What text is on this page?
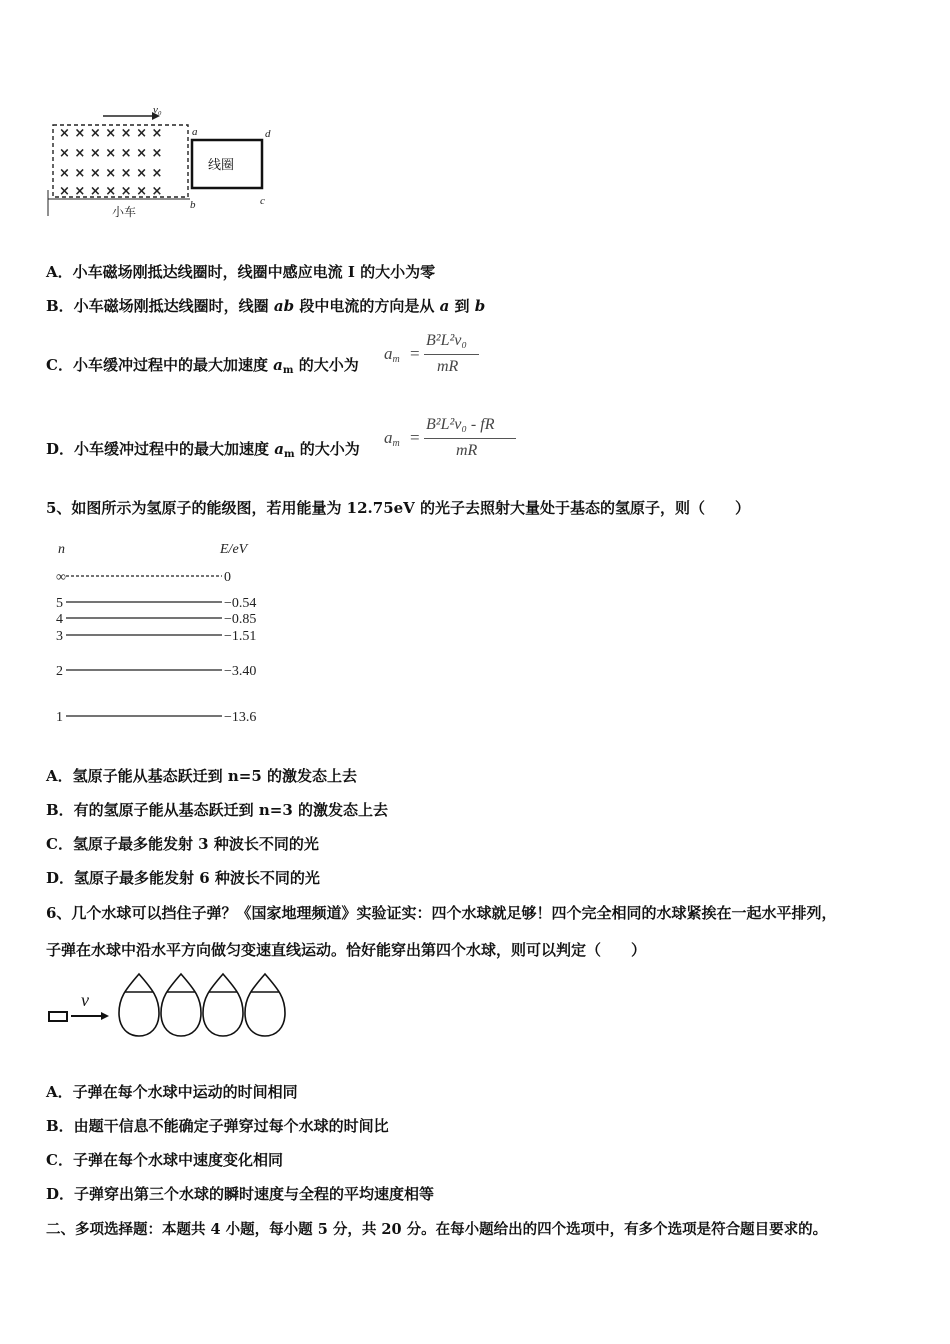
v₀
× × × × × × ×
× × × × × × ×
× × × × × × ×
× × × × × × ×
小车
线圈
a	d
b	c
A．小车磁场刚抵达线圈时，线圈中感应电流 I 的大小为零
B．小车磁场刚抵达线圈时，线圈 ab 段中电流的方向是从 a 到 b
C．小车缓冲过程中的最大加速度 $a_m$ 的大小为
$a_m$ =
B²L²v₀
mR
D．小车缓冲过程中的最大加速度 $a_m$ 的大小为
$a_m$ =
B²L²v₀ - fR
mR
5、如图所示为氢原子的能级图，若用能量为 12.75eV 的光子去照射大量处于基态的氢原子，则（　　）
n	E/eV
∞	0
5	−0.54
4	−0.85
3	−1.51
2	−3.40
1	−13.6
A．氢原子能从基态跃迁到 n=5 的激发态上去
B．有的氢原子能从基态跃迁到 n=3 的激发态上去
C．氢原子最多能发射 3 种波长不同的光
D．氢原子最多能发射 6 种波长不同的光
6、几个水球可以挡住子弹？《国家地理频道》实验证实：四个水球就足够！四个完全相同的水球紧挨在一起水平排列，
子弹在水球中沿水平方向做匀变速直线运动。恰好能穿出第四个水球，则可以判定（　　）
v
A．子弹在每个水球中运动的时间相同
B．由题干信息不能确定子弹穿过每个水球的时间比
C．子弹在每个水球中速度变化相同
D．子弹穿出第三个水球的瞬时速度与全程的平均速度相等
二、多项选择题：本题共 4 小题，每小题 5 分，共 20 分。在每小题给出的四个选项中，有多个选项是符合题目要求的。
